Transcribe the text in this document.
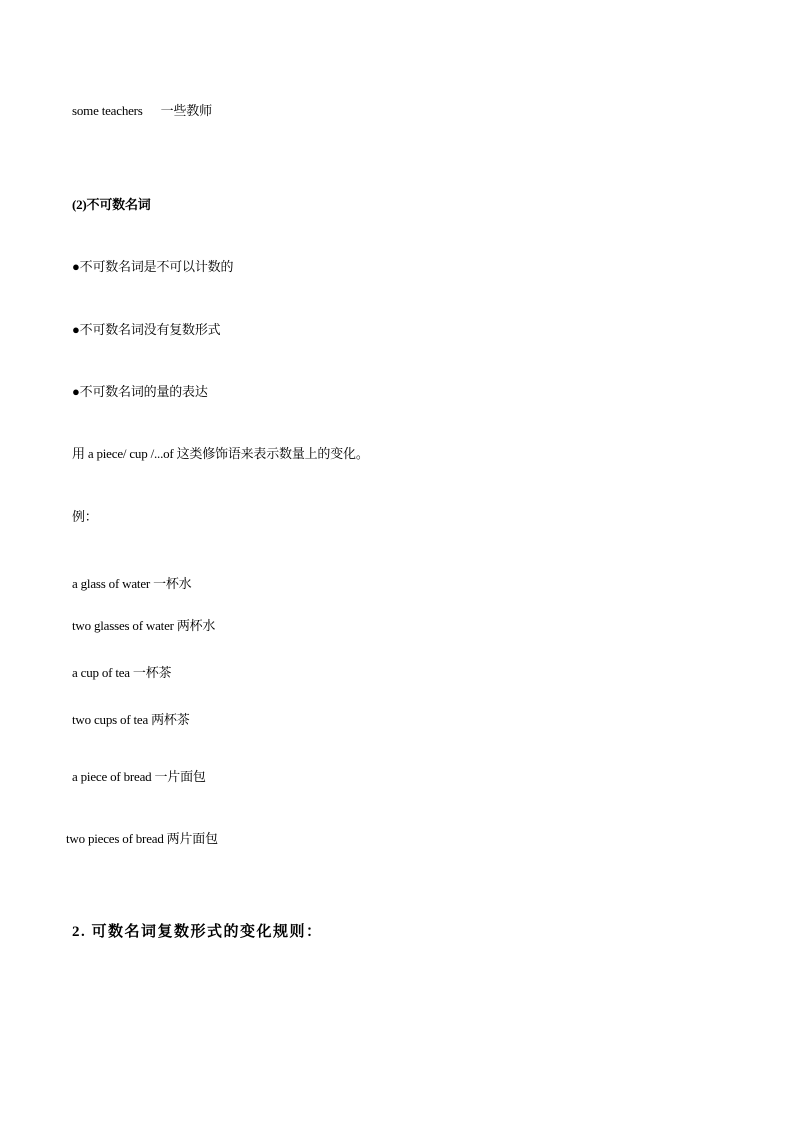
some teachers 一些教师
(2)不可数名词
●不可数名词是不可以计数的
●不可数名词没有复数形式
●不可数名词的量的表达
用 a piece/ cup /...of 这类修饰语来表示数量上的变化。
例：
a glass of water 一杯水
two glasses of water 两杯水
a cup of tea 一杯茶
two cups of tea 两杯茶
a piece of bread 一片面包
two pieces of bread 两片面包
2. 可数名词复数形式的变化规则：
